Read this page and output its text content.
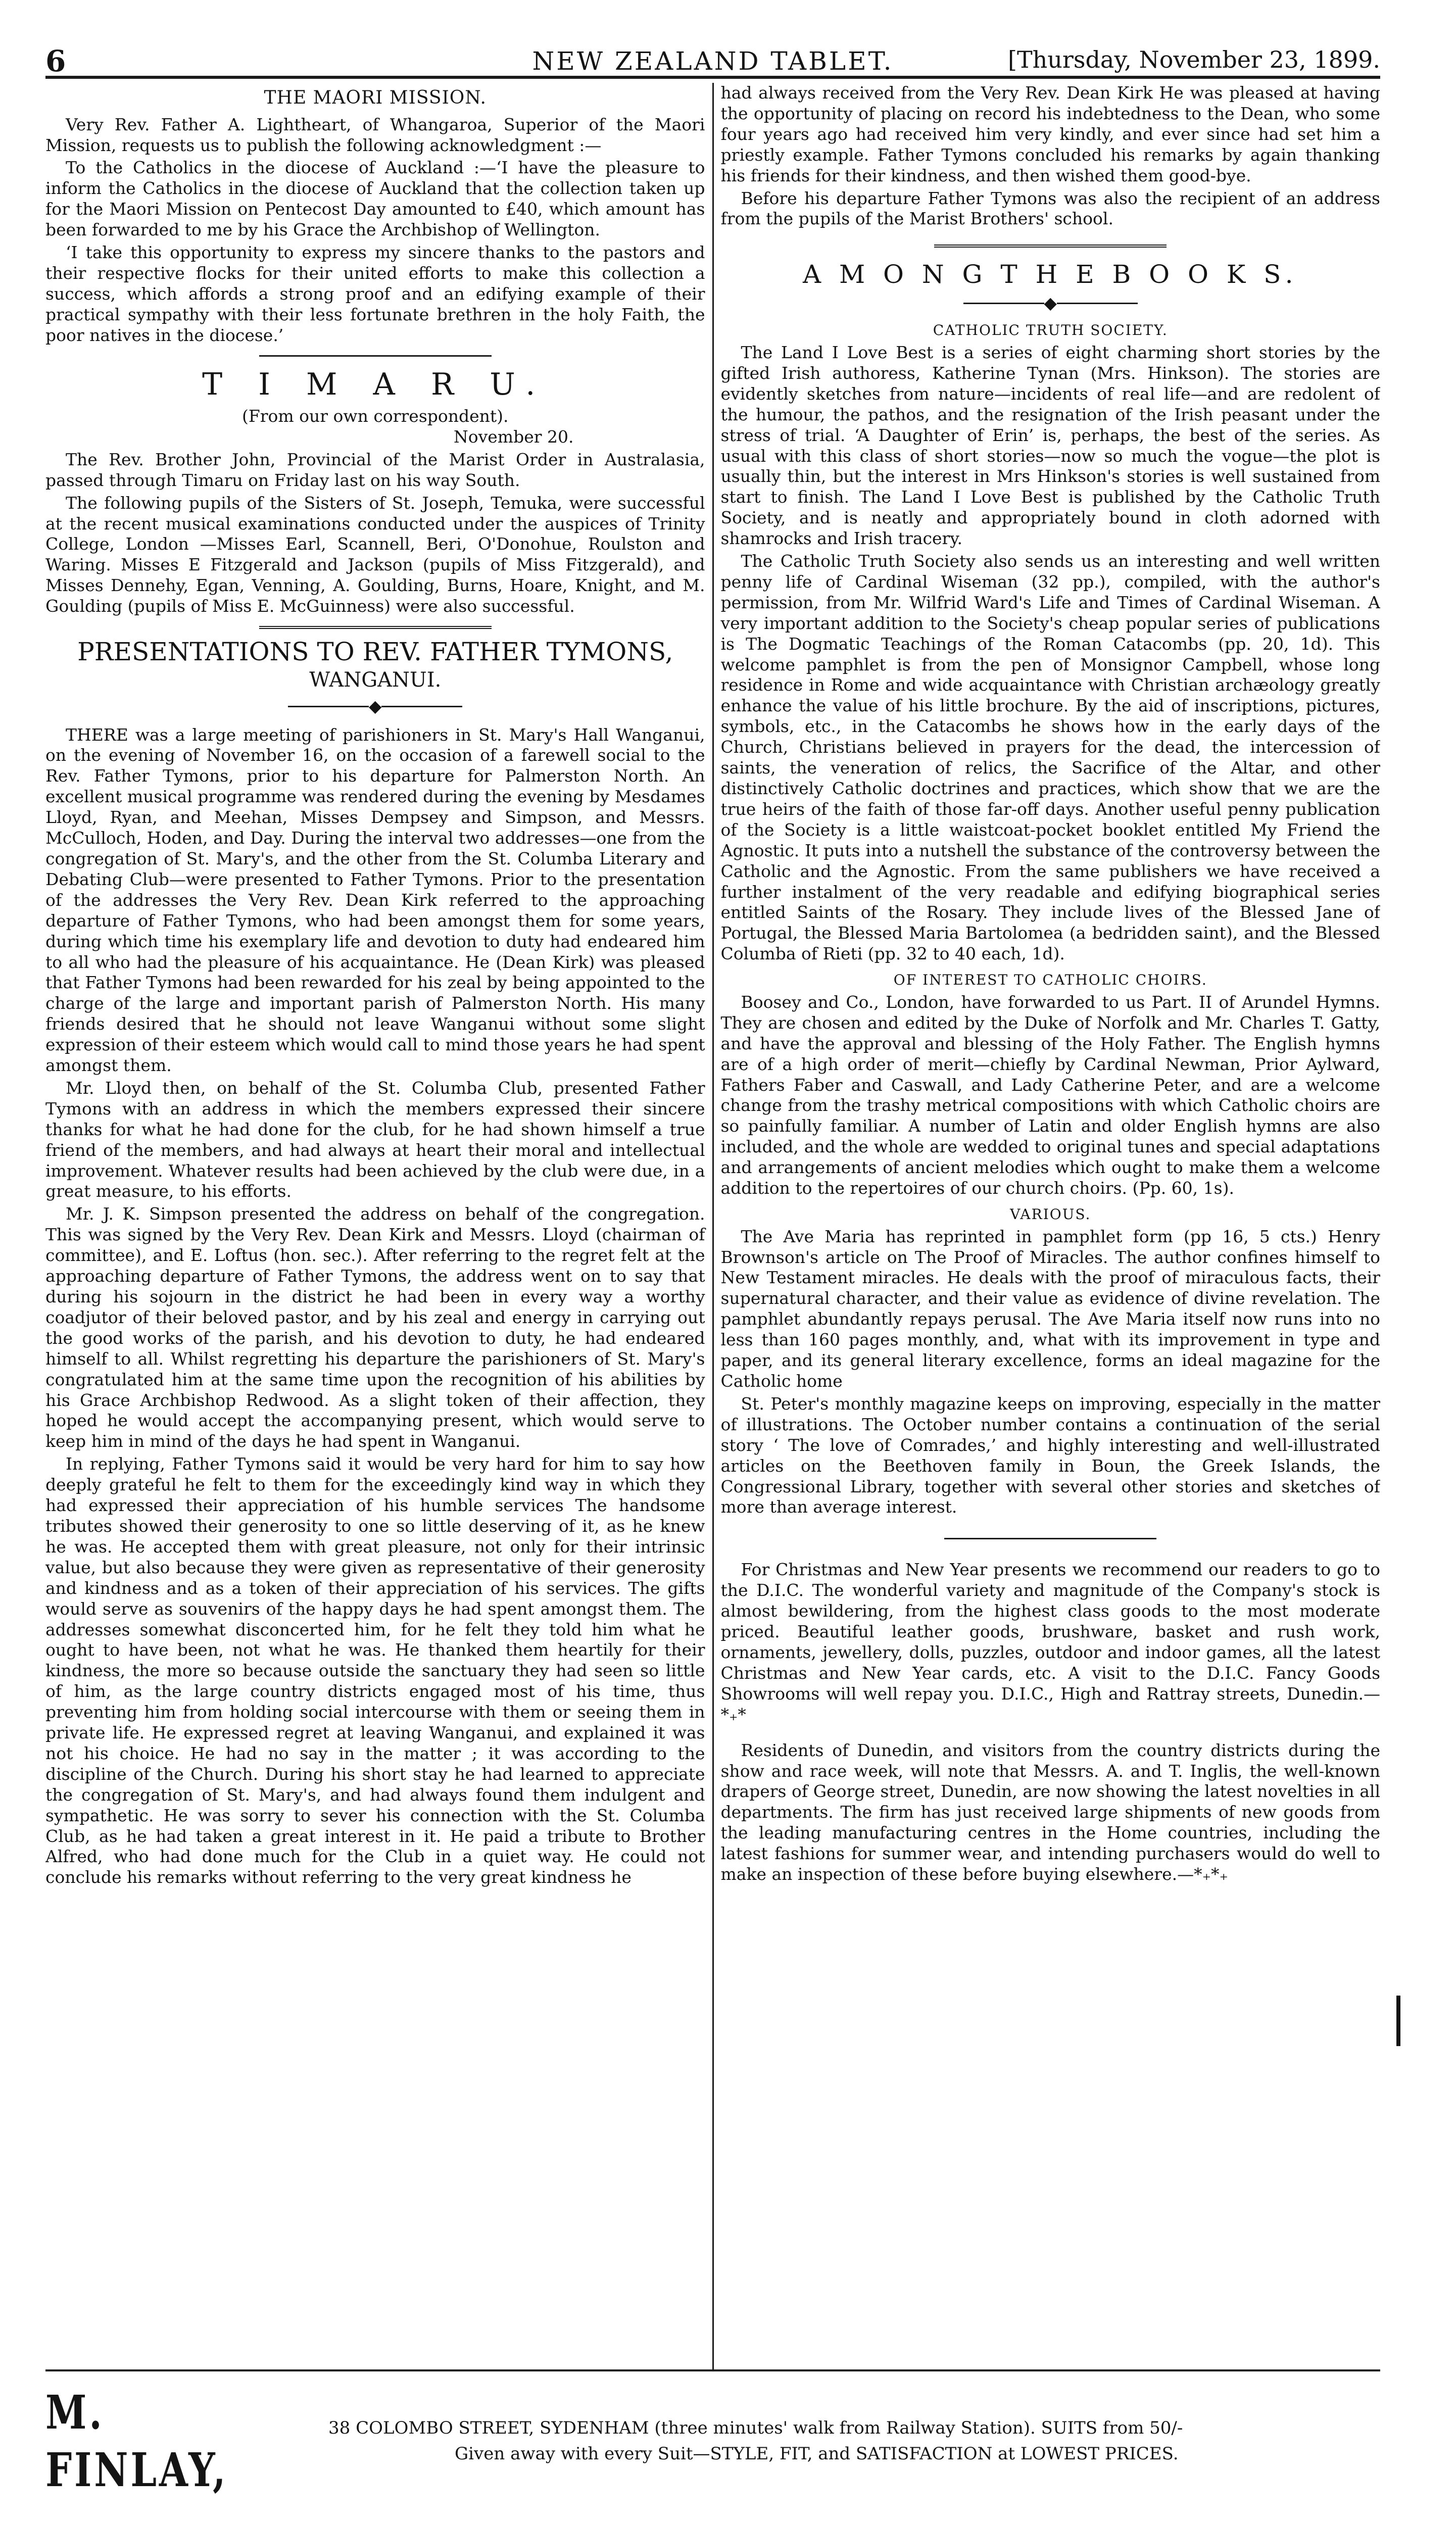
6	NEW ZEALAND TABLET.	[Thursday, November 23, 1899.
THE MAORI MISSION.

Very Rev. Father A. Lightheart, of Whangaroa, Superior of the Maori Mission, requests us to publish the following acknowledgment :—

To the Catholics in the diocese of Auckland :—‘I have the pleasure to inform the Catholics in the diocese of Auckland that the collection taken up for the Maori Mission on Pentecost Day amounted to £40, which amount has been forwarded to me by his Grace the Archbishop of Wellington.

‘I take this opportunity to express my sincere thanks to the pastors and their respective flocks for their united efforts to make this collection a success, which affords a strong proof and an edifying example of their practical sympathy with their less fortunate brethren in the holy Faith, the poor natives in the diocese.’

T I M A R U.
(From our own correspondent).
November 20.

The Rev. Brother John, Provincial of the Marist Order in Australasia, passed through Timaru on Friday last on his way South.

The following pupils of the Sisters of St. Joseph, Temuka, were successful at the recent musical examinations conducted under the auspices of Trinity College, London —Misses Earl, Scannell, Beri, O'Donohue, Roulston and Waring. Misses E Fitzgerald and Jackson (pupils of Miss Fitzgerald), and Misses Dennehy, Egan, Venning, A. Goulding, Burns, Hoare, Knight, and M. Goulding (pupils of Miss E. McGuinness) were also successful.

PRESENTATIONS TO REV. FATHER TYMONS,
WANGANUI.
◆

THERE was a large meeting of parishioners in St. Mary's Hall Wanganui, on the evening of November 16, on the occasion of a farewell social to the Rev. Father Tymons, prior to his departure for Palmerston North. An excellent musical programme was rendered during the evening by Mesdames Lloyd, Ryan, and Meehan, Misses Dempsey and Simpson, and Messrs. McCulloch, Hoden, and Day. During the interval two addresses—one from the congregation of St. Mary's, and the other from the St. Columba Literary and Debating Club—were presented to Father Tymons. Prior to the presentation of the addresses the Very Rev. Dean Kirk referred to the approaching departure of Father Tymons, who had been amongst them for some years, during which time his exemplary life and devotion to duty had endeared him to all who had the pleasure of his acquaintance. He (Dean Kirk) was pleased that Father Tymons had been rewarded for his zeal by being appointed to the charge of the large and important parish of Palmerston North. His many friends desired that he should not leave Wanganui without some slight expression of their esteem which would call to mind those years he had spent amongst them.

Mr. Lloyd then, on behalf of the St. Columba Club, presented Father Tymons with an address in which the members expressed their sincere thanks for what he had done for the club, for he had shown himself a true friend of the members, and had always at heart their moral and intellectual improvement. Whatever results had been achieved by the club were due, in a great measure, to his efforts.

Mr. J. K. Simpson presented the address on behalf of the congregation. This was signed by the Very Rev. Dean Kirk and Messrs. Lloyd (chairman of committee), and E. Loftus (hon. sec.). After referring to the regret felt at the approaching departure of Father Tymons, the address went on to say that during his sojourn in the district he had been in every way a worthy coadjutor of their beloved pastor, and by his zeal and energy in carrying out the good works of the parish, and his devotion to duty, he had endeared himself to all. Whilst regretting his departure the parishioners of St. Mary's congratulated him at the same time upon the recognition of his abilities by his Grace Archbishop Redwood. As a slight token of their affection, they hoped he would accept the accompanying present, which would serve to keep him in mind of the days he had spent in Wanganui.

In replying, Father Tymons said it would be very hard for him to say how deeply grateful he felt to them for the exceedingly kind way in which they had expressed their appreciation of his humble services The handsome tributes showed their generosity to one so little deserving of it, as he knew he was. He accepted them with great pleasure, not only for their intrinsic value, but also because they were given as representative of their generosity and kindness and as a token of their appreciation of his services. The gifts would serve as souvenirs of the happy days he had spent amongst them. The addresses somewhat disconcerted him, for he felt they told him what he ought to have been, not what he was. He thanked them heartily for their kindness, the more so because outside the sanctuary they had seen so little of him, as the large country districts engaged most of his time, thus preventing him from holding social intercourse with them or seeing them in private life. He expressed regret at leaving Wanganui, and explained it was not his choice. He had no say in the matter ; it was according to the discipline of the Church. During his short stay he had learned to appreciate the congregation of St. Mary's, and had always found them indulgent and sympathetic. He was sorry to sever his connection with the St. Columba Club, as he had taken a great interest in it. He paid a tribute to Brother Alfred, who had done much for the Club in a quiet way. He could not conclude his remarks without referring to the very great kindness he

had always received from the Very Rev. Dean Kirk He was pleased at having the opportunity of placing on record his indebtedness to the Dean, who some four years ago had received him very kindly, and ever since had set him a priestly example. Father Tymons concluded his remarks by again thanking his friends for their kindness, and then wished them good-bye.

Before his departure Father Tymons was also the recipient of an address from the pupils of the Marist Brothers' school.

A M O N G T H E B O O K S.
◆
CATHOLIC TRUTH SOCIETY.

The Land I Love Best is a series of eight charming short stories by the gifted Irish authoress, Katherine Tynan (Mrs. Hinkson). The stories are evidently sketches from nature—incidents of real life—and are redolent of the humour, the pathos, and the resignation of the Irish peasant under the stress of trial. ‘A Daughter of Erin’ is, perhaps, the best of the series. As usual with this class of short stories—now so much the vogue—the plot is usually thin, but the interest in Mrs Hinkson's stories is well sustained from start to finish. The Land I Love Best is published by the Catholic Truth Society, and is neatly and appropriately bound in cloth adorned with shamrocks and Irish tracery.

The Catholic Truth Society also sends us an interesting and well written penny life of Cardinal Wiseman (32 pp.), compiled, with the author's permission, from Mr. Wilfrid Ward's Life and Times of Cardinal Wiseman. A very important addition to the Society's cheap popular series of publications is The Dogmatic Teachings of the Roman Catacombs (pp. 20, 1d). This welcome pamphlet is from the pen of Monsignor Campbell, whose long residence in Rome and wide acquaintance with Christian archæology greatly enhance the value of his little brochure. By the aid of inscriptions, pictures, symbols, etc., in the Catacombs he shows how in the early days of the Church, Christians believed in prayers for the dead, the intercession of saints, the veneration of relics, the Sacrifice of the Altar, and other distinctively Catholic doctrines and practices, which show that we are the true heirs of the faith of those far-off days. Another useful penny publication of the Society is a little waistcoat-pocket booklet entitled My Friend the Agnostic. It puts into a nutshell the substance of the controversy between the Catholic and the Agnostic. From the same publishers we have received a further instalment of the very readable and edifying biographical series entitled Saints of the Rosary. They include lives of the Blessed Jane of Portugal, the Blessed Maria Bartolomea (a bedridden saint), and the Blessed Columba of Rieti (pp. 32 to 40 each, 1d).

OF INTEREST TO CATHOLIC CHOIRS.

Boosey and Co., London, have forwarded to us Part. II of Arundel Hymns. They are chosen and edited by the Duke of Norfolk and Mr. Charles T. Gatty, and have the approval and blessing of the Holy Father. The English hymns are of a high order of merit—chiefly by Cardinal Newman, Prior Aylward, Fathers Faber and Caswall, and Lady Catherine Peter, and are a welcome change from the trashy metrical compositions with which Catholic choirs are so painfully familiar. A number of Latin and older English hymns are also included, and the whole are wedded to original tunes and special adaptations and arrangements of ancient melodies which ought to make them a welcome addition to the repertoires of our church choirs. (Pp. 60, 1s).

VARIOUS.

The Ave Maria has reprinted in pamphlet form (pp 16, 5 cts.) Henry Brownson's article on The Proof of Miracles. The author confines himself to New Testament miracles. He deals with the proof of miraculous facts, their supernatural character, and their value as evidence of divine revelation. The pamphlet abundantly repays perusal. The Ave Maria itself now runs into no less than 160 pages monthly, and, what with its improvement in type and paper, and its general literary excellence, forms an ideal magazine for the Catholic home

St. Peter's monthly magazine keeps on improving, especially in the matter of illustrations. The October number contains a continuation of the serial story ‘ The love of Comrades,’ and highly interesting and well-illustrated articles on the Beethoven family in Boun, the Greek Islands, the Congressional Library, together with several other stories and sketches of more than average interest.

For Christmas and New Year presents we recommend our readers to go to the D.I.C. The wonderful variety and magnitude of the Company's stock is almost bewildering, from the highest class goods to the most moderate priced. Beautiful leather goods, brushware, basket and rush work, ornaments, jewellery, dolls, puzzles, outdoor and indoor games, all the latest Christmas and New Year cards, etc. A visit to the D.I.C. Fancy Goods Showrooms will well repay you. D.I.C., High and Rattray streets, Dunedin.—*₊*

Residents of Dunedin, and visitors from the country districts during the show and race week, will note that Messrs. A. and T. Inglis, the well-known drapers of George street, Dunedin, are now showing the latest novelties in all departments. The firm has just received large shipments of new goods from the leading manufacturing centres in the Home countries, including the latest fashions for summer wear, and intending purchasers would do well to make an inspection of these before buying elsewhere.—*₊*₊

M. FINLAY,
38 COLOMBO STREET, SYDENHAM (three minutes' walk from Railway Station). SUITS from 50/-
Given away with every Suit—STYLE, FIT, and SATISFACTION at LOWEST PRICES.
